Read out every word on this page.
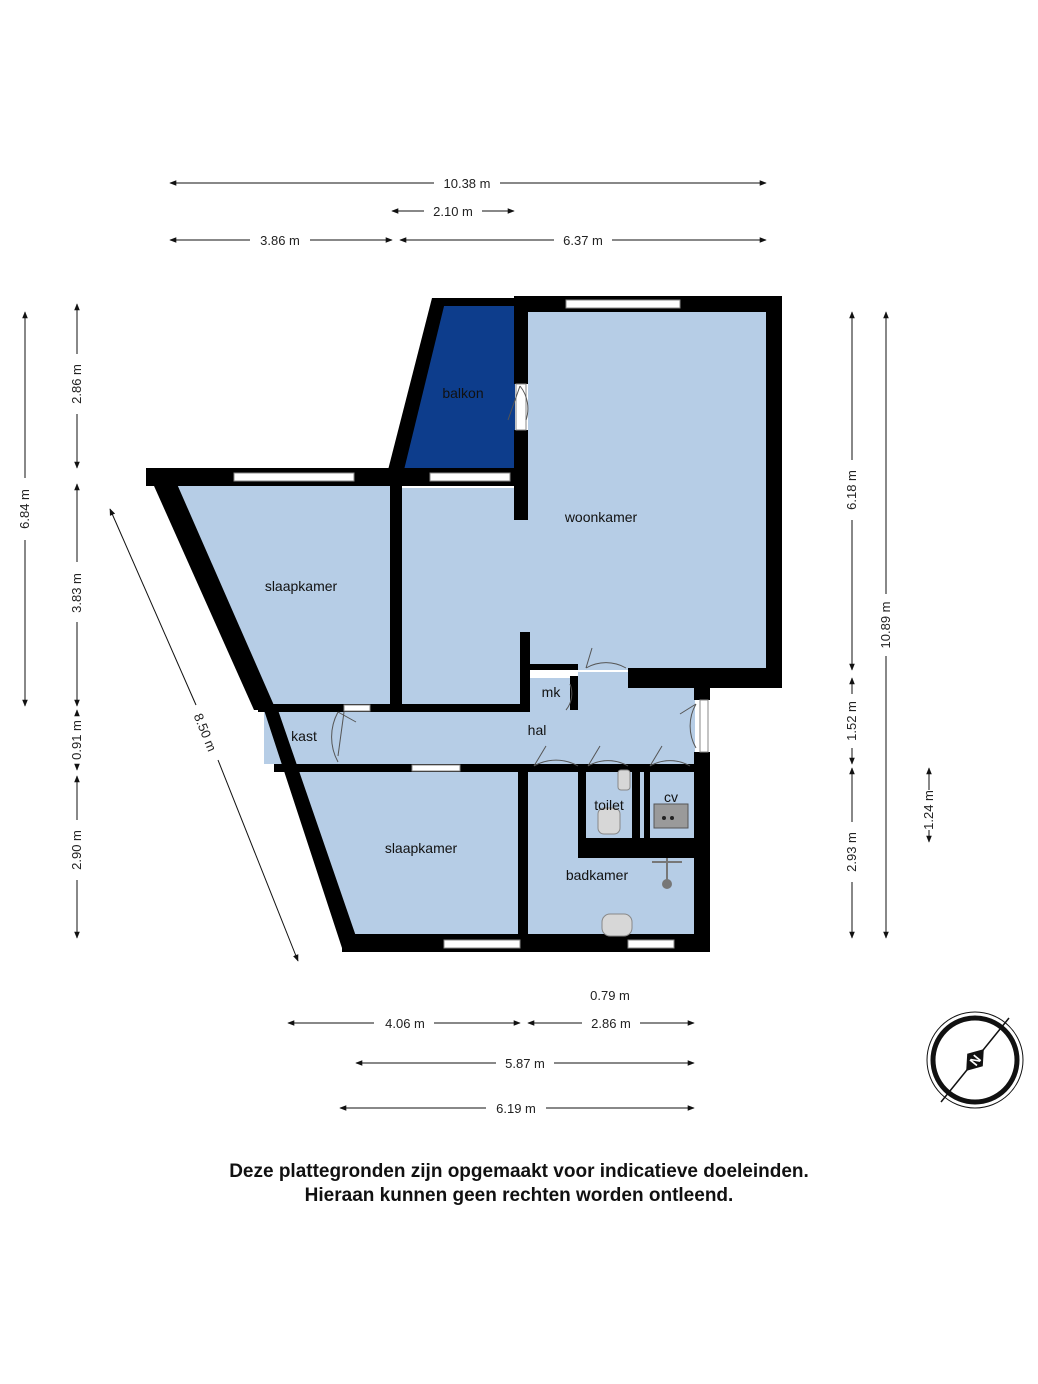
balkon
woonkamer
slaapkamer
kast	hal
mk
toilet	cv
slaapkamer
badkamer
10.38 m
2.10 m
3.86 m	6.37 m
6.84 m
2.86 m
3.83 m
0.91 m
2.90 m
8.50 m
6.18 m
1.52 m
2.93 m
10.89 m
1.24 m
0.79 m
4.06 m	2.86 m
5.87 m
6.19 m
N
Deze plattegronden zijn opgemaakt voor indicatieve doeleinden.
Hieraan kunnen geen rechten worden ontleend.
